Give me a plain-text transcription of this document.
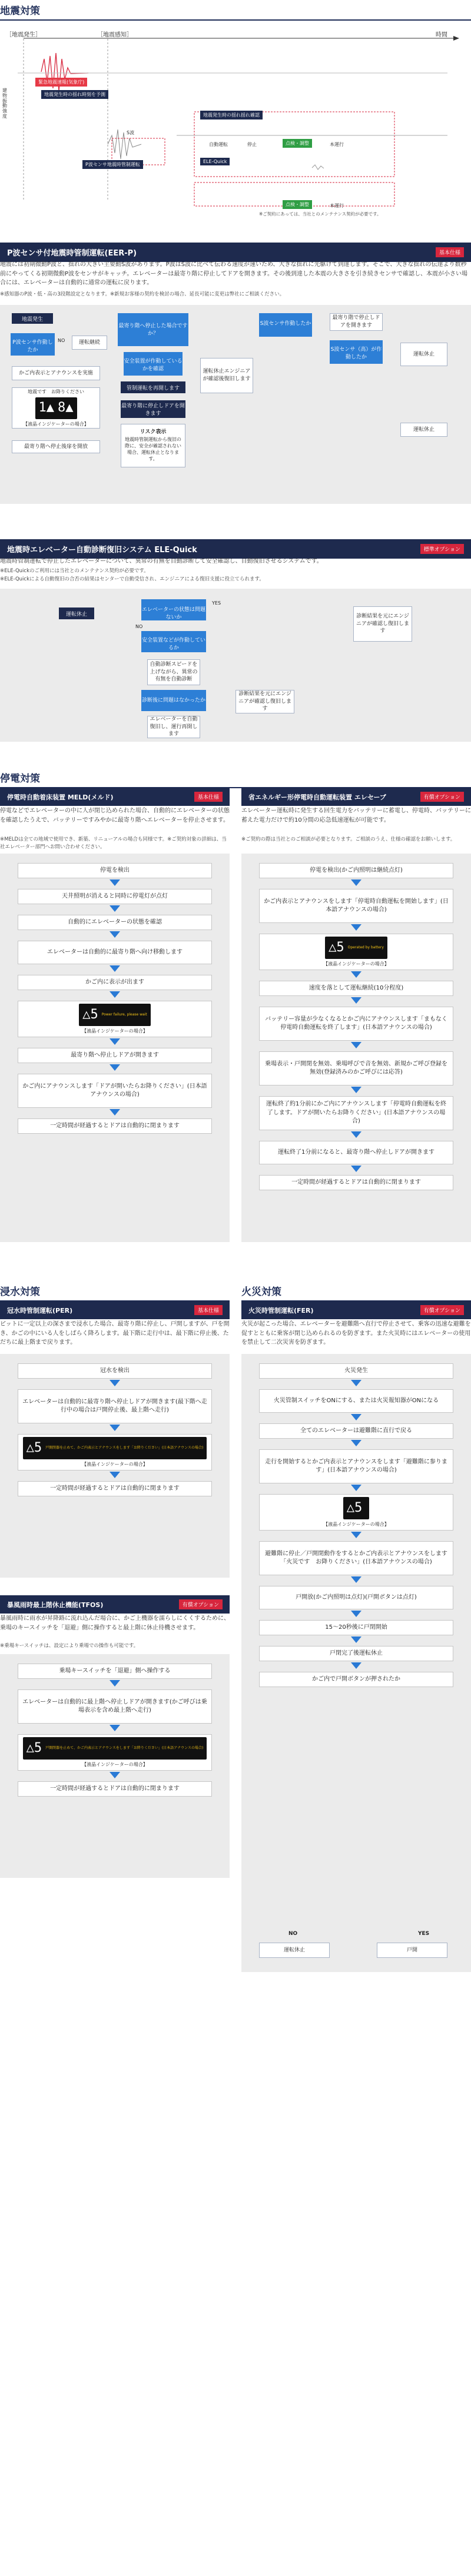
地震対策
［地震発生］	［地震感知］	時間
建物振動強度
緊急地震速報(気象庁)
地震発生時の揺れ時刻を予測
S波
P波センサ地震時管制運転
地震発生時の揺れ揺れ確認
自動運転
ELE-Quick
点検・調整
点検・調整
本運行
本運行
停止
※ご契約にあっては、当社とのメンテナンス契約が必要です。
P波センサ付地震時管制運転(EER-P)	基本仕様
地震には初期微動P波と、揺れの大きい主要動S波があります。P波はS波に比べて伝わる速度が速いため、大きな揺れに先駆けて到達します。そこで、大きな揺れの伝達より数秒前にやってくる初期微動P波をセンサがキャッチ。エレベーターは最寄り階に停止してドアを開きます。その後到達した本震の大きさを引き続きセンサで確認し、本震が小さい場合には、エレベーターは自動的に通常の運転に戻ります。
※感知器のP波・低・高の3段階設定となります。※新規お客様の契約を検討の場合、延長可能に変更は弊社にご相談ください。
地震発生
P波センサ作動したか
NO	運転継続
かご内表示とアナウンスを実施
地震です　お降りください
1▲ 8▲
【液晶インジケーターの場合】
最寄り階へ停止後扉を開放
最寄り階へ停止した場合ですか？
安全装置が作動しているかを確認
管制運転を再開します
最寄り階に停止しドアを開きます
リスク表示
地震時管制運転から復旧の際に、安全が確認されない場合、運転休止となります。
運転休止エンジニアが確認後復旧します
S波センサ作動したか
最寄り階で停止しドアを開きます
S波センサ（高）が作動したか
運転休止
運転休止
地震時エレベーター自動診断復旧システム ELE-Quick	標準オプション
地震時管制運転で停止したエレベーターについて、異常の有無を自動診断して安全確認し、自動復旧させるシステムです。
※ELE-Quickのご利用には当社とのメンテナンス契約が必要です。
※ELE-Quickによる自動復旧の合否の結果はセンターで自動受信され、エンジニアによる復旧支援に役立てられます。
運転休止
エレベーターの状態は問題ないか
安全装置などが作動しているか
自動診断スピードを上げながら、異常の有無を自動診断
診断後に問題はなかったか
エレベーターを自動復旧し、運行再開します
診断結果を元にエンジニアが確認し復旧します
YES
NO
診断結果を元にエンジニアが確認し復旧します
停電対策
停電時自動着床装置 MELD(メルド)	基本仕様
停電などでエレベーターの中に人が閉じ込められた場合、自動的にエレベーターの状態を確認したうえで、バッテリーですみやかに最寄り階へエレベーターを停止させます。
※MELDは全ての地域で使用でき、新築、リニューアルの場合も同様です。※ご契約対象の詳細は、当社エレベーター部門へお問い合わせください。
停電を検出
天井照明が消えると同時に停電灯が点灯
自動的にエレベーターの状態を確認
エレベーターは自動的に最寄り階へ向け移動します
かご内に表示が出ます
△5 Power failure, please wait
【液晶インジケーターの場合】
最寄り階へ停止しドアが開きます
かご内にアナウンスします「ドアが開いたらお降りください」(日本語アナウンスの場合)
一定時間が経過するとドアは自動的に閉まります
省エネルギー形停電時自動運転装置 エレセーブ	有償オプション
エレベーター運転時に発生する回生電力をバッテリーに蓄電し、停電時、バッテリーに蓄えた電力だけで約10分間の応急低速運転が可能です。
※ご契約の際は当社とのご相談が必要となります。ご相談のうえ、仕様の確認をお願いします。
停電を検出(かご内照明は継続点灯)
かご内表示とアナウンスをします「停電時自動運転を開始します」(日本語アナウンスの場合)
△5 Operated by battery
【液晶インジケーターの場合】
速度を落として運転継続(10分程度)
バッテリー容量が少なくなるとかご内にアナウンスします「まもなく停電時自動運転を終了します」(日本語アナウンスの場合)
乗場表示・戸開閉を無効、乗場呼びで音を無効、新規かご呼び登録を無効(登録済みのかご呼びには応答)
運転終了約1分前にかご内にアナウンスします「停電時自動運転を終了します。ドアが開いたらお降りください」(日本語アナウンスの場合)
運転終了1分前になると、最寄り階へ停止しドアが開きます
一定時間が経過するとドアは自動的に閉まります
浸水対策
冠水時管制運転(PER)	基本仕様
ピットに一定以上の深さまで浸水した場合、最寄り階に停止し、戸開しますが、戸を開き、かごの中にいる人をしばらく降ろします。最下階に走行中は、最下階に停止後、ただちに最上階まで戻ります。
冠水を検出
エレベーターは自動的に最寄り階へ停止しドアが開きます(最下階へ走行中の場合は戸開停止後、最上階へ走行)
△5 戸開閉器を止めて、かご内表示とアナウンスをします「お降りください」(日本語アナウンスの場合)
【液晶インジケーターの場合】
一定時間が経過するとドアは自動的に閉まります
暴風雨時最上階休止機能(TFOS)	有償オプション
暴風雨時に雨水が昇降路に流れ込んだ場合に、かご上機器を濡らしにくくするために、乗場のキースイッチを「退避」側に操作すると最上階に休止待機させます。
※乗場キースイッチは、設定により乗場での操作も可能です。
乗場キースイッチを「退避」側へ操作する
エレベーターは自動的に最上階へ停止しドアが開きます(かご呼びは乗場表示を含め最上階へ走行)
△5 戸開閉器を止めて、かご内表示とアナウンスをします「お降りください」(日本語アナウンスの場合)
【液晶インジケーターの場合】
一定時間が経過するとドアは自動的に閉まります
火災対策
火災時管制運転(FER)	有償オプション
火災が起こった場合、エレベーターを避難階へ直行で停止させて、乗客の迅速な避難を促すとともに乗客が閉じ込められるのを防ぎます。また火災時にはエレベーターの使用を禁止して二次災害を防ぎます。
火災発生
火災管制スイッチをONにする、または火災報知器がONになる
全てのエレベーターは避難階に直行で戻る
走行を開始するとかご内表示とアナウンスをします「避難階に参ります」(日本語アナウンスの場合)
△5
【液晶インジケーターの場合】
避難階に停止／戸開閉動作をするとかご内表示とアナウンスをします「火災です　お降りください」(日本語アナウンスの場合)
戸開放(かご内照明は点灯)(戸開ボタンは点灯)
15〜20秒後に戸閉開始
戸閉完了後運転休止
かご内で戸開ボタンが押されたか
運転休止	戸開
YES
NO
